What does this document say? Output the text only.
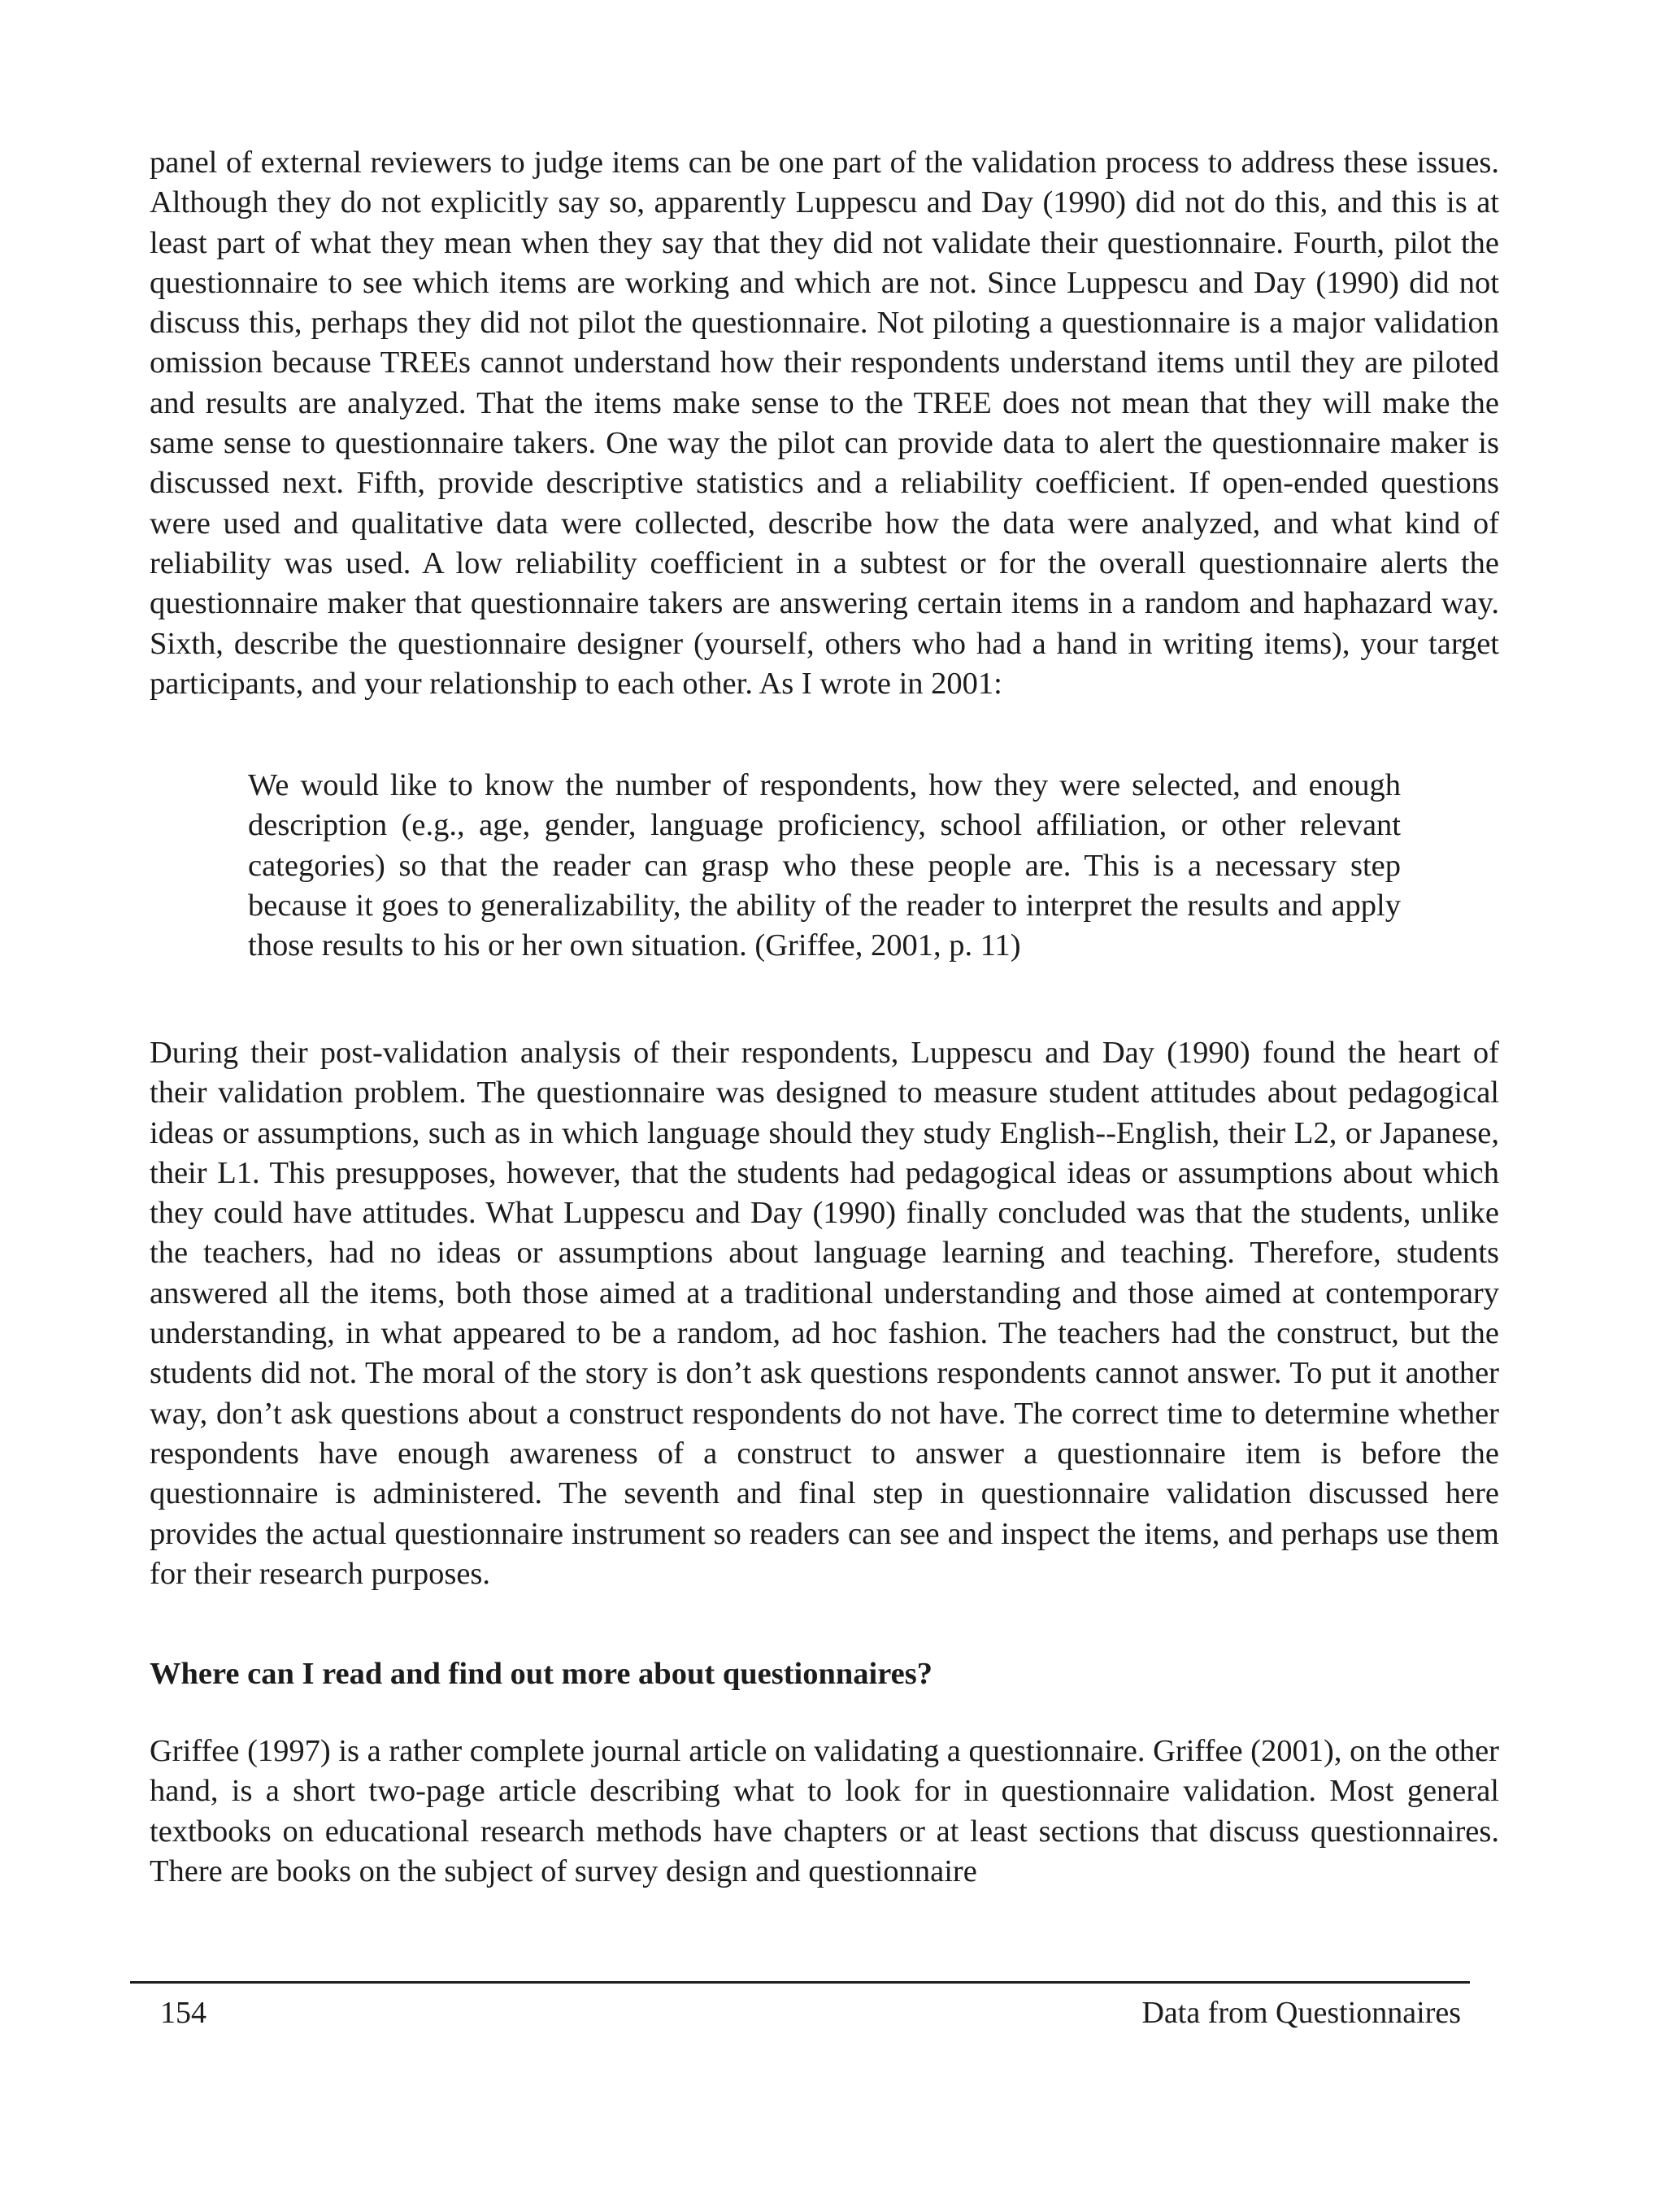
panel of external reviewers to judge items can be one part of the validation process to address these issues. Although they do not explicitly say so, apparently Luppescu and Day (1990) did not do this, and this is at least part of what they mean when they say that they did not validate their questionnaire. Fourth, pilot the questionnaire to see which items are working and which are not. Since Luppescu and Day (1990) did not discuss this, perhaps they did not pilot the questionnaire. Not piloting a questionnaire is a major validation omission because TREEs cannot understand how their respondents understand items until they are piloted and results are analyzed. That the items make sense to the TREE does not mean that they will make the same sense to questionnaire takers. One way the pilot can provide data to alert the questionnaire maker is discussed next. Fifth, provide descriptive statistics and a reliability coefficient. If open-ended questions were used and qualitative data were collected, describe how the data were analyzed, and what kind of reliability was used. A low reliability coefficient in a subtest or for the overall questionnaire alerts the questionnaire maker that questionnaire takers are answering certain items in a random and haphazard way. Sixth, describe the questionnaire designer (yourself, others who had a hand in writing items), your target participants, and your relationship to each other. As I wrote in 2001:

We would like to know the number of respondents, how they were selected, and enough description (e.g., age, gender, language proficiency, school affiliation, or other relevant categories) so that the reader can grasp who these people are. This is a necessary step because it goes to generalizability, the ability of the reader to interpret the results and apply those results to his or her own situation. (Griffee, 2001, p. 11)

During their post-validation analysis of their respondents, Luppescu and Day (1990) found the heart of their validation problem. The questionnaire was designed to measure student attitudes about pedagogical ideas or assumptions, such as in which language should they study English--English, their L2, or Japanese, their L1. This presupposes, however, that the students had pedagogical ideas or assumptions about which they could have attitudes. What Luppescu and Day (1990) finally concluded was that the students, unlike the teachers, had no ideas or assumptions about language learning and teaching. Therefore, students answered all the items, both those aimed at a traditional understanding and those aimed at contemporary understanding, in what appeared to be a random, ad hoc fashion. The teachers had the construct, but the students did not. The moral of the story is don’t ask questions respondents cannot answer. To put it another way, don’t ask questions about a construct respondents do not have. The correct time to determine whether respondents have enough awareness of a construct to answer a questionnaire item is before the questionnaire is administered. The seventh and final step in questionnaire validation discussed here provides the actual questionnaire instrument so readers can see and inspect the items, and perhaps use them for their research purposes.

Where can I read and find out more about questionnaires?

Griffee (1997) is a rather complete journal article on validating a questionnaire. Griffee (2001), on the other hand, is a short two-page article describing what to look for in questionnaire validation. Most general textbooks on educational research methods have chapters or at least sections that discuss questionnaires. There are books on the subject of survey design and questionnaire

154	Data from Questionnaires
